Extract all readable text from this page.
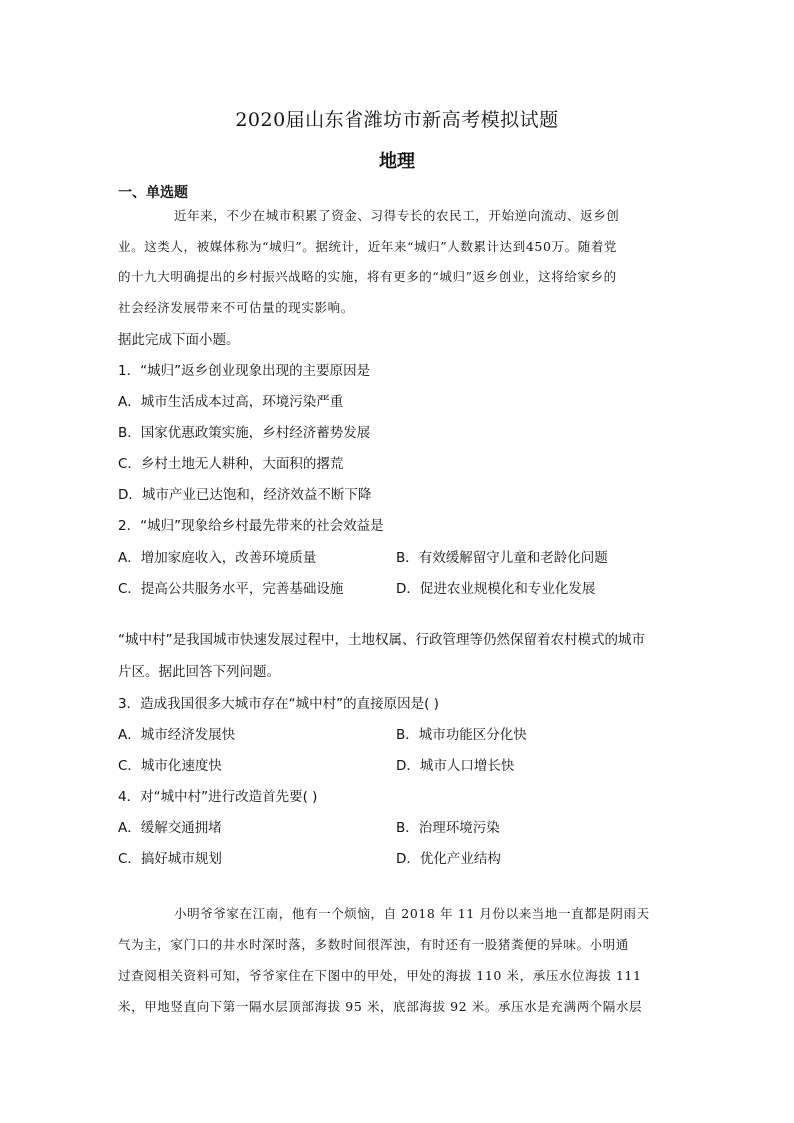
2020届山东省潍坊市新高考模拟试题
地理
一、单选题
近年来，不少在城市积累了资金、习得专长的农民工，开始逆向流动、返乡创
业。这类人，被媒体称为“城归”。据统计，近年来“城归”人数累计达到450万。随着党
的十九大明确提出的乡村振兴战略的实施，将有更多的“城归”返乡创业，这将给家乡的
社会经济发展带来不可估量的现实影响。
据此完成下面小题。
1．“城归”返乡创业现象出现的主要原因是
A．城市生活成本过高，环境污染严重
B．国家优惠政策实施，乡村经济蓄势发展
C．乡村土地无人耕种，大面积的撂荒
D．城市产业已达饱和，经济效益不断下降
2．“城归”现象给乡村最先带来的社会效益是
A．增加家庭收入，改善环境质量	B．有效缓解留守儿童和老龄化问题
C．提高公共服务水平，完善基础设施	D．促进农业规模化和专业化发展
“城中村”是我国城市快速发展过程中，土地权属、行政管理等仍然保留着农村模式的城市
片区。据此回答下列问题。
3．造成我国很多大城市存在“城中村”的直接原因是( )
A．城市经济发展快	B．城市功能区分化快
C．城市化速度快	D．城市人口增长快
4．对“城中村”进行改造首先要( )
A．缓解交通拥堵	B．治理环境污染
C．搞好城市规划	D．优化产业结构
小明爷爷家在江南，他有一个烦恼，自 2018 年 11 月份以来当地一直都是阴雨天
气为主，家门口的井水时深时落，多数时间很浑浊，有时还有一股猪粪便的异味。小明通
过查阅相关资料可知，爷爷家住在下图中的甲处，甲处的海拔 110 米，承压水位海拔 111
米，甲地竖直向下第一隔水层顶部海拔 95 米，底部海拔 92 米。承压水是充满两个隔水层
